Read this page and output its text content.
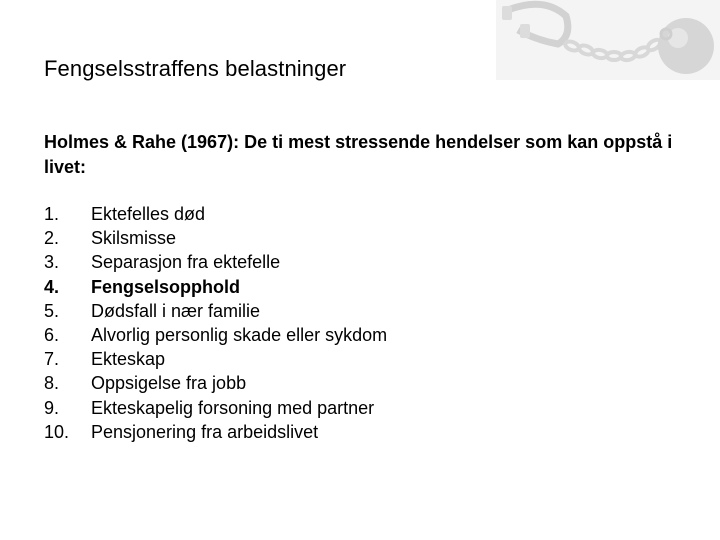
Fengselsstraffens belastninger
Holmes & Rahe (1967): De ti mest stressende hendelser som kan oppstå i livet:
1.	Ektefelles død
2.	Skilsmisse
3.	Separasjon fra ektefelle
4.	Fengselsopphold
5.	Dødsfall i nær familie
6.	Alvorlig personlig skade eller sykdom
7.	Ekteskap
8.	Oppsigelse fra jobb
9.	Ekteskapelig forsoning med partner
10.	Pensjonering fra arbeidslivet
